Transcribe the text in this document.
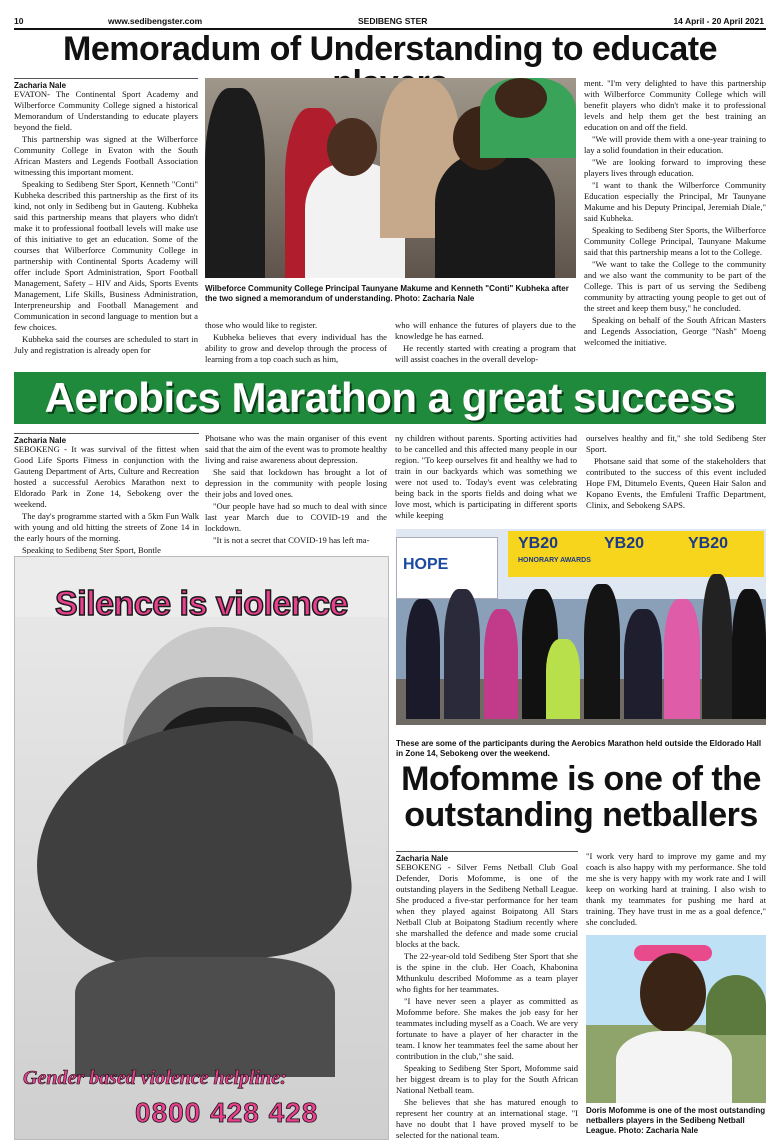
10	www.sedibengster.com	SEDIBENG STER	14 April - 20 April 2021
Memoradum of Understanding to educate
Zacharia Nale

EVATON- The Continental Sport Academy and Wilberforce Community College signed a historical Memorandum of Understanding to educate players beyond the field.

This partnership was signed at the Wilberforce Community College in Evaton with the South African Masters and Legends Football Association witnessing this important moment.

Speaking to Sedibeng Ster Sport, Kenneth "Conti" Kubheka described this partnership as the first of its kind, not only in Sedibeng but in Gauteng. Kubheka said this partnership means that players who didn't make it to professional football levels will make use of this initiative to get an education. Some of the courses that Wilberforce Community College in partnership with Continental Sports Academy will offer include Sport Administration, Sport Football Management, Safety – HIV and Aids, Sports Events Management, Life Skills, Business Administration, Interpreneurship and Football Management and Communication in second language to mention but a few choices.

Kubheka said the courses are scheduled to start in July and registration is already open for

Wilbeforce Community College Principal Taunyane Makume and Kenneth "Conti" Kubheka after the two signed a memorandum of understanding. Photo: Zacharia Nale

those who would like to register.

Kubheka believes that every individual has the ability to grow and develop through the process of learning from a top coach such as him,

who will enhance the futures of players due to the knowledge he has earned.

He recently started with creating a program that will assist coaches in the overall develop-

ment. "I'm very delighted to have this partnership with Wilberforce Community College which will benefit players who didn't make it to professional levels and help them get the best training an education on and off the field.

"We will provide them with a one-year training to lay a solid foundation in their education.

"We are looking forward to improving these players lives through education.

"I want to thank the Wilberforce Community Education especially the Principal, Mr Taunyane Makume and his Deputy Principal, Jeremiah Diale," said Kubheka.

Speaking to Sedibeng Ster Sports, the Wilberforce Community College Principal, Taunyane Makume said that this partnership means a lot to the College.

"We want to take the College to the community and we also want the community to be part of the College. This is part of us serving the Sedibeng community by attracting young people to get out of the street and keep them busy," he concluded.

Speaking on behalf of the South African Masters and Legends Association, George "Nash" Moeng welcomed the initiative.

Aerobics Marathon a great success
Zacharia Nale

SEBOKENG - It was survival of the fittest when Good Life Sports Fitness in conjunction with the Gauteng Department of Arts, Culture and Recreation hosted a successful Aerobics Marathon next to Eldorado Park in Zone 14, Sebokeng over the weekend.

The day's programme started with a 5km Fun Walk with young and old hitting the streets of Zone 14 in the early hours of the morning.

Speaking to Sedibeng Ster Sport, Bontle

Photsane who was the main organiser of this event said that the aim of the event was to promote healthy living and raise awareness about depression.

She said that lockdown has brought a lot of depression in the community with people losing their jobs and loved ones.

"Our people have had so much to deal with since last year March due to COVID-19 and the lockdown.

"It is not a secret that COVID-19 has left ma-

ny children without parents. Sporting activities had to be cancelled and this affected many people in our region. "To keep ourselves fit and healthy we had to train in our backyards which was something we were not used to. Today's event was celebrating being back in the sports fields and doing what we love most, which is participating in different sports while keeping

ourselves healthy and fit," she told Sedibeng Ster Sport.

Photsane said that some of the stakeholders that contributed to the success of this event included Hope FM, Ditumelo Events, Queen Hair Salon and Kopano Events, the Emfuleni Traffic Department, Clinix, and Sebokeng SAPS.

HOPE
YB20	YB20	YB20
HONORARY AWARDS
These are some of the participants during the Aerobics Marathon held outside the Eldorado Hall in Zone 14, Sebokeng over the weekend.
Silence is violence
Gender based violence helpline:
0800 428 428
Mofomme is one of the outstanding netballers
Zacharia Nale

SEBOKENG - Silver Fems Netball Club Goal Defender, Doris Mofomme, is one of the outstanding players in the Sedibeng Netball League. She produced a five-star performance for her team when they played against Boipatong All Stars Netball Club at Boipatong Stadium recently where she marshalled the defence and made some crucial blocks at the back.

The 22-year-old told Sedibeng Ster Sport that she is the spine in the club. Her Coach, Khabonina Mthunkulu described Mofomme as a team player who fights for her teammates.

"I have never seen a player as committed as Mofomme before. She makes the job easy for her teammates including myself as a Coach. We are very fortunate to have a player of her character in the team. I know her teammates feel the same about her contribution in the club," she said.

Speaking to Sedibeng Ster Sport, Mofomme said her biggest dream is to play for the South African National Netball team.

She believes that she has matured enough to represent her country at an international stage. "I have no doubt that I have proved myself to be selected for the national team.

"I work very hard to improve my game and my coach is also happy with my performance. She told me she is very happy with my work rate and I will keep on working hard at training. I also wish to thank my teammates for pushing me hard at training. They have trust in me as a goal defence," she concluded.

Doris Mofomme is one of the most outstanding netballers players in the Sedibeng Netball League. Photo: Zacharia Nale
